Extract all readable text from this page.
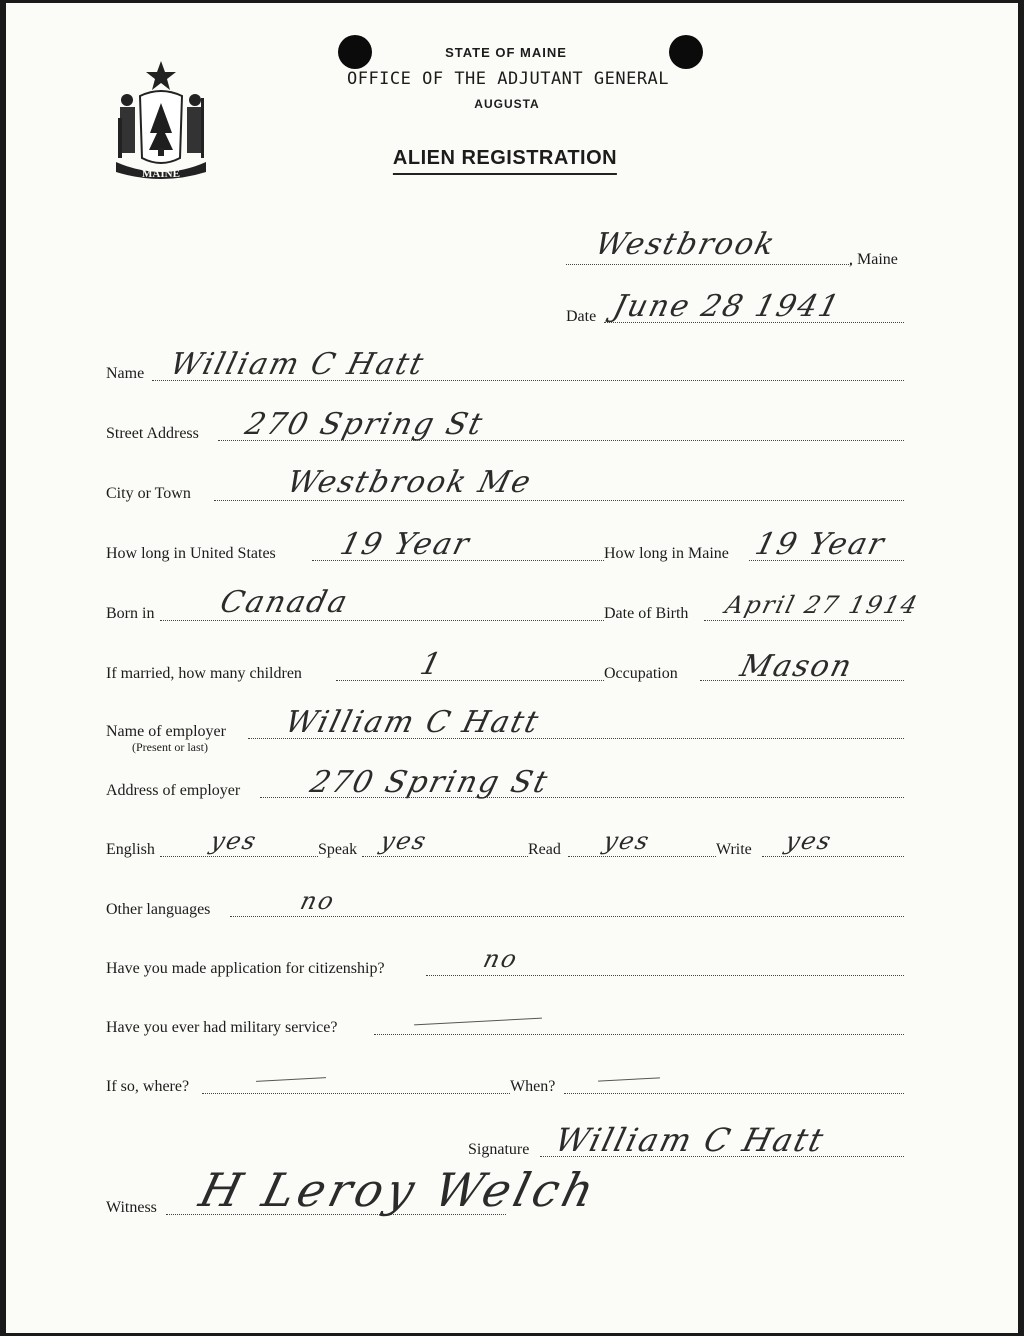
MAINE
STATE OF MAINE
OFFICE OF THE ADJUTANT GENERAL
AUGUSTA
ALIEN REGISTRATION
Westbrook	, Maine
Date June 28 1941
Name William C Hatt
Street Address 270 Spring St
City or Town	Westbrook Me
How long in United States 19 Year	How long in Maine 19 Year
Born in Canada	Date of Birth April 27 1914
If married, how many children	1	Occupation Mason
Name of employer
(Present or last)
William C Hatt
Address of employer 270 Spring St
English yes	Speak yes	Read yes	Write yes
Other languages	no
Have you made application for citizenship?	no
Have you ever had military service?
If so, where?	When?
Signature William C Hatt
Witness H Leroy Welch
